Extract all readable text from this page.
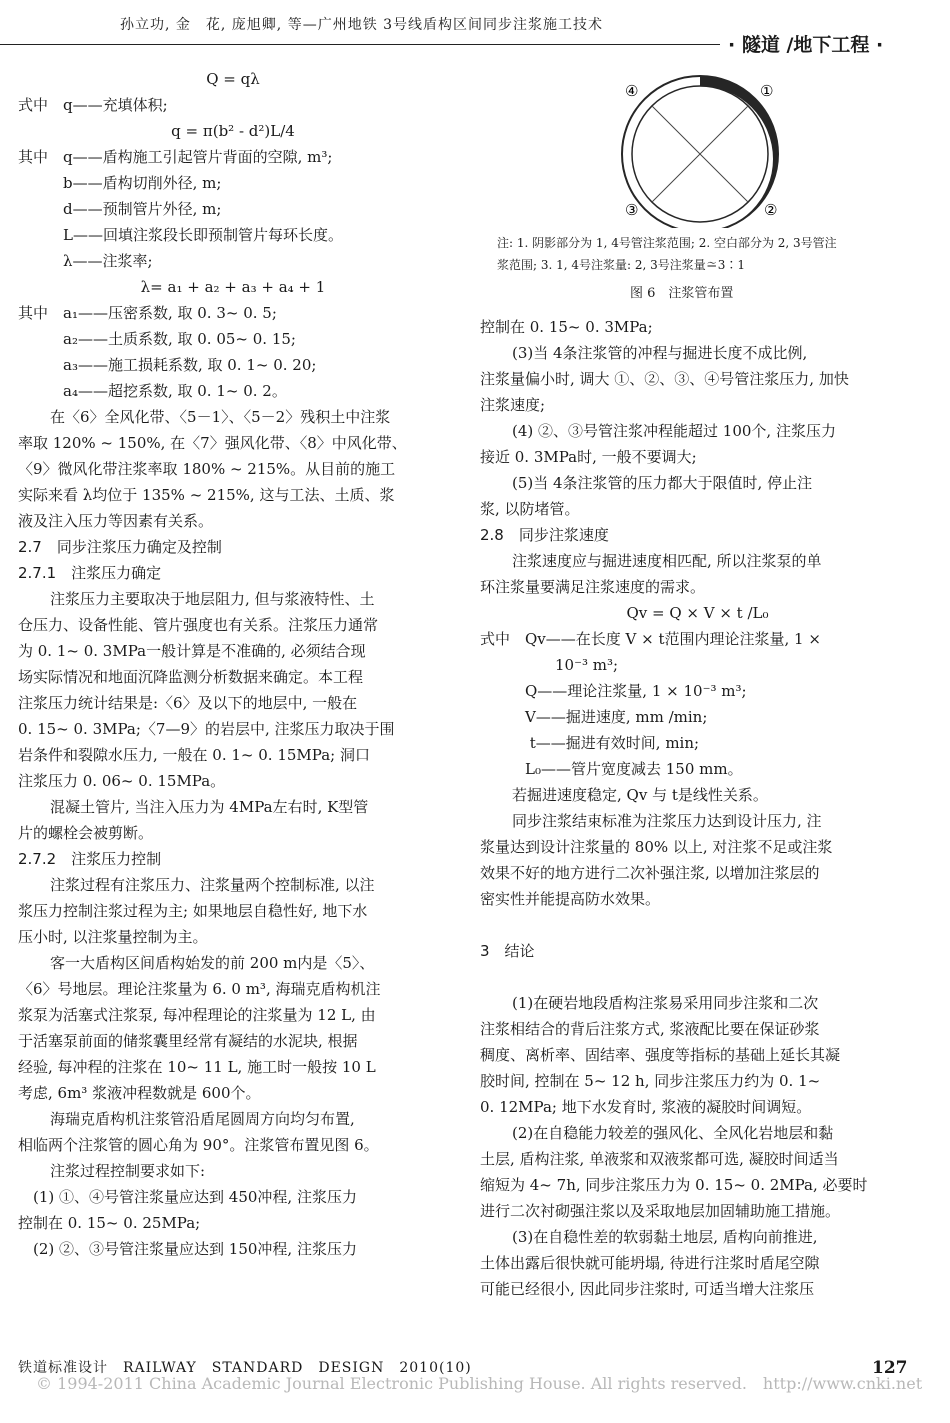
孙立功, 金　花, 庞旭卿, 等—广州地铁 3号线盾构区间同步注浆施工技术
· 隧道 /地下工程 ·

Q = qλ

式中　q——充填体积;

q = π(b² - d²)L/4

其中　q——盾构施工引起管片背面的空隙, m³;

　　　b——盾构切削外径, m;

　　　d——预制管片外径, m;

　　　L——回填注浆段长即预制管片每环长度。

　　　λ——注浆率;

λ= a₁ + a₂ + a₃ + a₄ + 1

其中　a₁——压密系数, 取 0. 3~ 0. 5;

　　　a₂——土质系数, 取 0. 05~ 0. 15;

　　　a₃——施工损耗系数, 取 0. 1~ 0. 20;

　　　a₄——超挖系数, 取 0. 1~ 0. 2。

在〈6〉全风化带、〈5－1〉、〈5－2〉残积土中注浆

率取 120% ~ 150%, 在〈7〉强风化带、〈8〉中风化带、

〈9〉微风化带注浆率取 180% ~ 215%。从目前的施工

实际来看 λ均位于 135% ~ 215%, 这与工法、土质、浆

液及注入压力等因素有关系。

2.7　同步注浆压力确定及控制

2.7.1　注浆压力确定

注浆压力主要取决于地层阻力, 但与浆液特性、土

仓压力、设备性能、管片强度也有关系。注浆压力通常

为 0. 1~ 0. 3MPa一般计算是不准确的, 必须结合现

场实际情况和地面沉降监测分析数据来确定。本工程

注浆压力统计结果是:〈6〉及以下的地层中, 一般在

0. 15~ 0. 3MPa;〈7—9〉的岩层中, 注浆压力取决于围

岩条件和裂隙水压力, 一般在 0. 1~ 0. 15MPa; 洞口

注浆压力 0. 06~ 0. 15MPa。

混凝土管片, 当注入压力为 4MPa左右时, K型管

片的螺栓会被剪断。

2.7.2　注浆压力控制

注浆过程有注浆压力、注浆量两个控制标准, 以注

浆压力控制注浆过程为主; 如果地层自稳性好, 地下水

压小时, 以注浆量控制为主。

客一大盾构区间盾构始发的前 200 m内是〈5〉、

〈6〉号地层。理论注浆量为 6. 0 m³, 海瑞克盾构机注

浆泵为活塞式注浆泵, 每冲程理论的注浆量为 12 L, 由

于活塞泵前面的储浆囊里经常有凝结的水泥块, 根据

经验, 每冲程的注浆在 10~ 11 L, 施工时一般按 10 L

考虑, 6m³ 浆液冲程数就是 600个。

海瑞克盾构机注浆管沿盾尾圆周方向均匀布置,

相临两个注浆管的圆心角为 90°。注浆管布置见图 6。

注浆过程控制要求如下:

　(1) ①、④号管注浆量应达到 450冲程, 注浆压力

控制在 0. 15~ 0. 25MPa;

　(2) ②、③号管注浆量应达到 150冲程, 注浆压力

①
②
③
④
注: 1. 阴影部分为 1, 4号管注浆范围; 2. 空白部分为 2, 3号管注
浆范围; 3. 1, 4号注浆量: 2, 3号注浆量≅3∶1
图 6　注浆管布置

控制在 0. 15~ 0. 3MPa;

(3)当 4条注浆管的冲程与掘进长度不成比例,

注浆量偏小时, 调大 ①、②、③、④号管注浆压力, 加快

注浆速度;

(4) ②、③号管注浆冲程能超过 100个, 注浆压力

接近 0. 3MPa时, 一般不要调大;

(5)当 4条注浆管的压力都大于限值时, 停止注

浆, 以防堵管。

2.8　同步注浆速度

注浆速度应与掘进速度相匹配, 所以注浆泵的单

环注浆量要满足注浆速度的需求。

Qv = Q × V × t /L₀

式中　Qv——在长度 V × t范围内理论注浆量, 1 ×

　　　　　10⁻³ m³;

　　　Q——理论注浆量, 1 × 10⁻³ m³;

　　　V——掘进速度, mm /min;

　　　 t——掘进有效时间, min;

　　　L₀——管片宽度减去 150 mm。

若掘进速度稳定, Qv 与 t是线性关系。

同步注浆结束标准为注浆压力达到设计压力, 注

浆量达到设计注浆量的 80% 以上, 对注浆不足或注浆

效果不好的地方进行二次补强注浆, 以增加注浆层的

密实性并能提高防水效果。

3　结论

(1)在硬岩地段盾构注浆易采用同步注浆和二次

注浆相结合的背后注浆方式, 浆液配比要在保证砂浆

稠度、离析率、固结率、强度等指标的基础上延长其凝

胶时间, 控制在 5~ 12 h, 同步注浆压力约为 0. 1~

0. 12MPa; 地下水发育时, 浆液的凝胶时间调短。

(2)在自稳能力较差的强风化、全风化岩地层和黏

土层, 盾构注浆, 单液浆和双液浆都可选, 凝胶时间适当

缩短为 4~ 7h, 同步注浆压力为 0. 15~ 0. 2MPa, 必要时

进行二次衬砌强注浆以及采取地层加固辅助施工措施。

(3)在自稳性差的软弱黏土地层, 盾构向前推进,

土体出露后很快就可能坍塌, 待进行注浆时盾尾空隙

可能已经很小, 因此同步注浆时, 可适当增大注浆压

铁道标准设计　RAILWAY　STANDARD　DESIGN　2010(10)	127
© 1994-2011 China Academic Journal Electronic Publishing House. All rights reserved.　http://www.cnki.net
